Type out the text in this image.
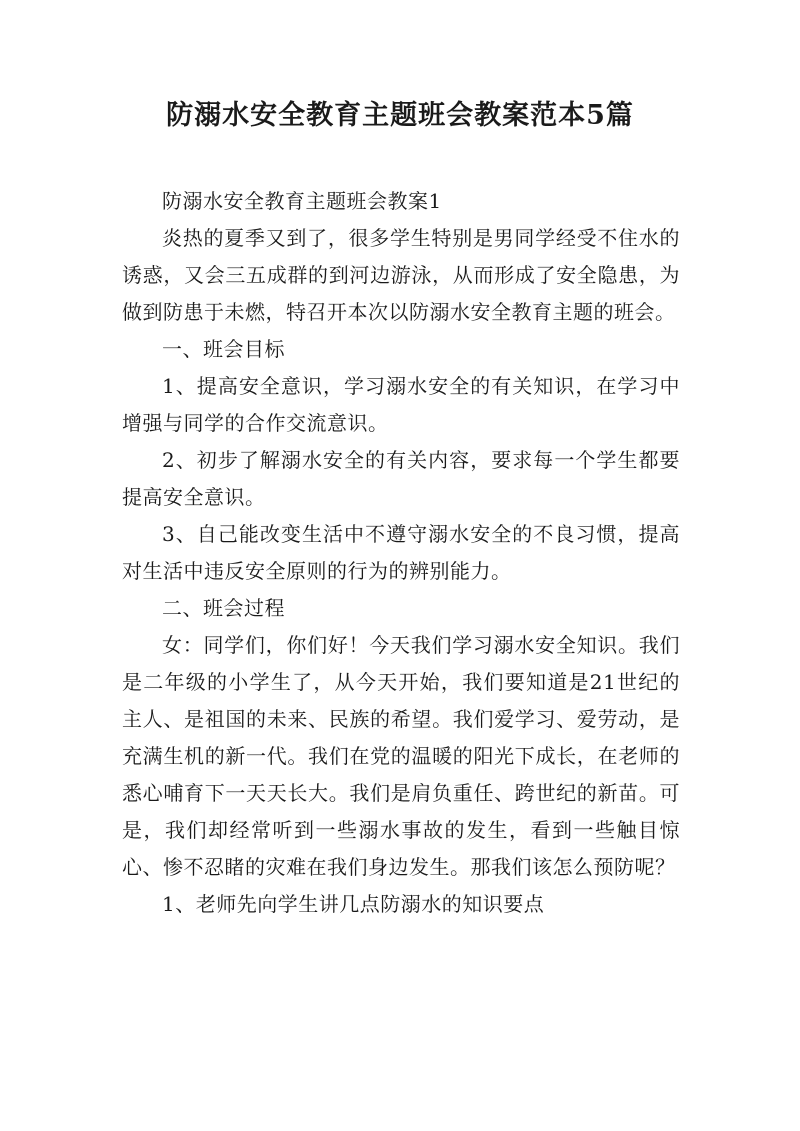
防溺水安全教育主题班会教案范本5篇

防溺水安全教育主题班会教案1

炎热的夏季又到了，很多学生特别是男同学经受不住水的诱惑，又会三五成群的到河边游泳，从而形成了安全隐患，为做到防患于未燃，特召开本次以防溺水安全教育主题的班会。

一、班会目标

1、提高安全意识，学习溺水安全的有关知识，在学习中增强与同学的合作交流意识。

2、初步了解溺水安全的有关内容，要求每一个学生都要提高安全意识。

3、自己能改变生活中不遵守溺水安全的不良习惯，提高对生活中违反安全原则的行为的辨别能力。

二、班会过程

女：同学们，你们好！今天我们学习溺水安全知识。我们是二年级的小学生了，从今天开始，我们要知道是21世纪的主人、是祖国的未来、民族的希望。我们爱学习、爱劳动，是充满生机的新一代。我们在党的温暖的阳光下成长，在老师的悉心哺育下一天天长大。我们是肩负重任、跨世纪的新苗。可是，我们却经常听到一些溺水事故的发生，看到一些触目惊心、惨不忍睹的灾难在我们身边发生。那我们该怎么预防呢？

1、老师先向学生讲几点防溺水的知识要点
